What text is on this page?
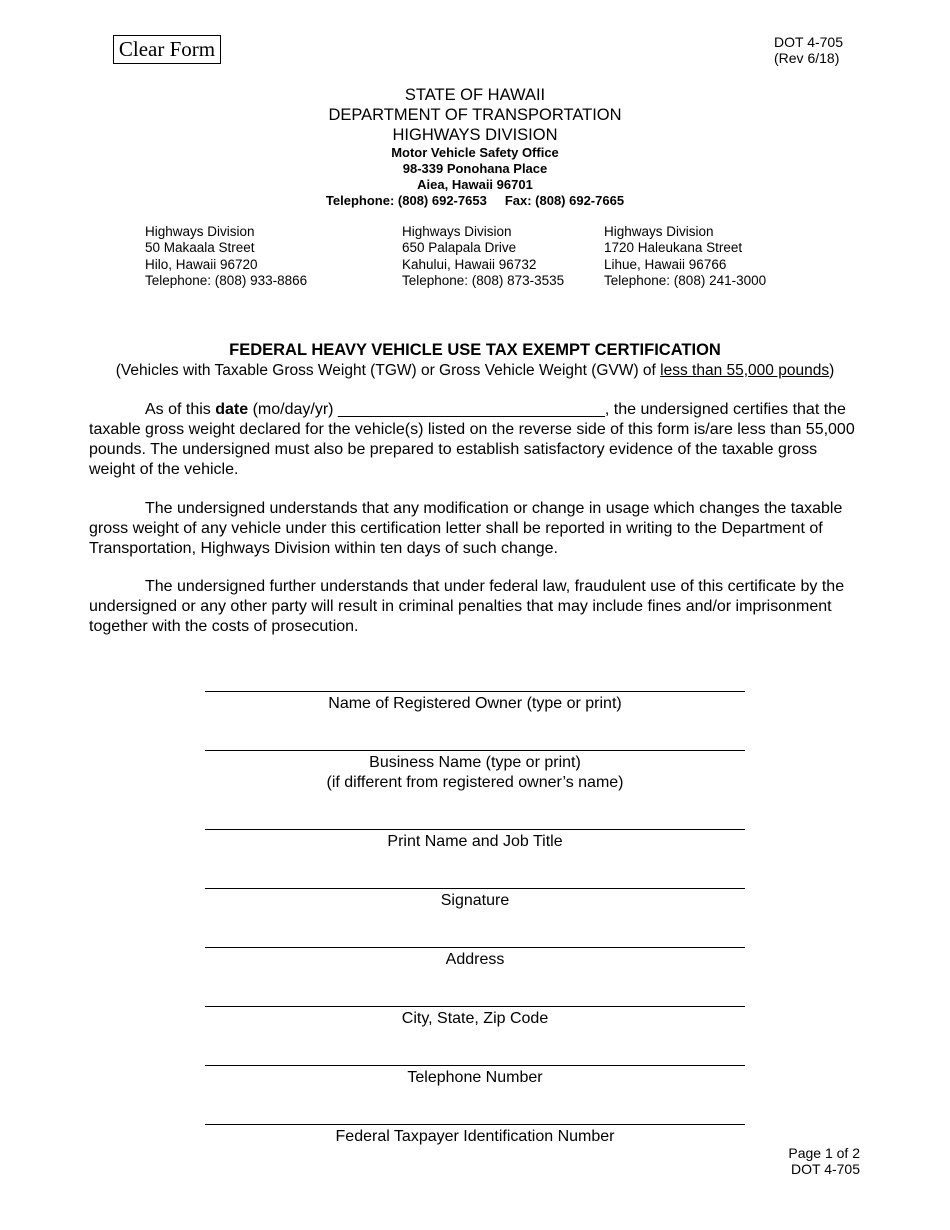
Clear Form	DOT 4-705
(Rev 6/18)
STATE OF HAWAII
DEPARTMENT OF TRANSPORTATION
HIGHWAYS DIVISION
Motor Vehicle Safety Office
98-339 Ponohana Place
Aiea, Hawaii 96701
Telephone: (808) 692-7653 Fax: (808) 692-7665
Highways Division
50 Makaala Street
Hilo, Hawaii 96720
Telephone: (808) 933-8866
Highways Division
650 Palapala Drive
Kahului, Hawaii 96732
Telephone: (808) 873-3535
Highways Division
1720 Haleukana Street
Lihue, Hawaii 96766
Telephone: (808) 241-3000
FEDERAL HEAVY VEHICLE USE TAX EXEMPT CERTIFICATION
(Vehicles with Taxable Gross Weight (TGW) or Gross Vehicle Weight (GVW) of less than 55,000 pounds)

As of this date (mo/day/yr) ______________________________, the undersigned certifies that the taxable gross weight declared for the vehicle(s) listed on the reverse side of this form is/are less than 55,000 pounds. The undersigned must also be prepared to establish satisfactory evidence of the taxable gross weight of the vehicle.

The undersigned understands that any modification or change in usage which changes the taxable gross weight of any vehicle under this certification letter shall be reported in writing to the Department of Transportation, Highways Division within ten days of such change.

The undersigned further understands that under federal law, fraudulent use of this certificate by the undersigned or any other party will result in criminal penalties that may include fines and/or imprisonment together with the costs of prosecution.

Name of Registered Owner (type or print)
Business Name (type or print)
(if different from registered owner’s name)
Print Name and Job Title
Signature
Address
City, State, Zip Code
Telephone Number
Federal Taxpayer Identification Number
Page 1 of 2
DOT 4-705
